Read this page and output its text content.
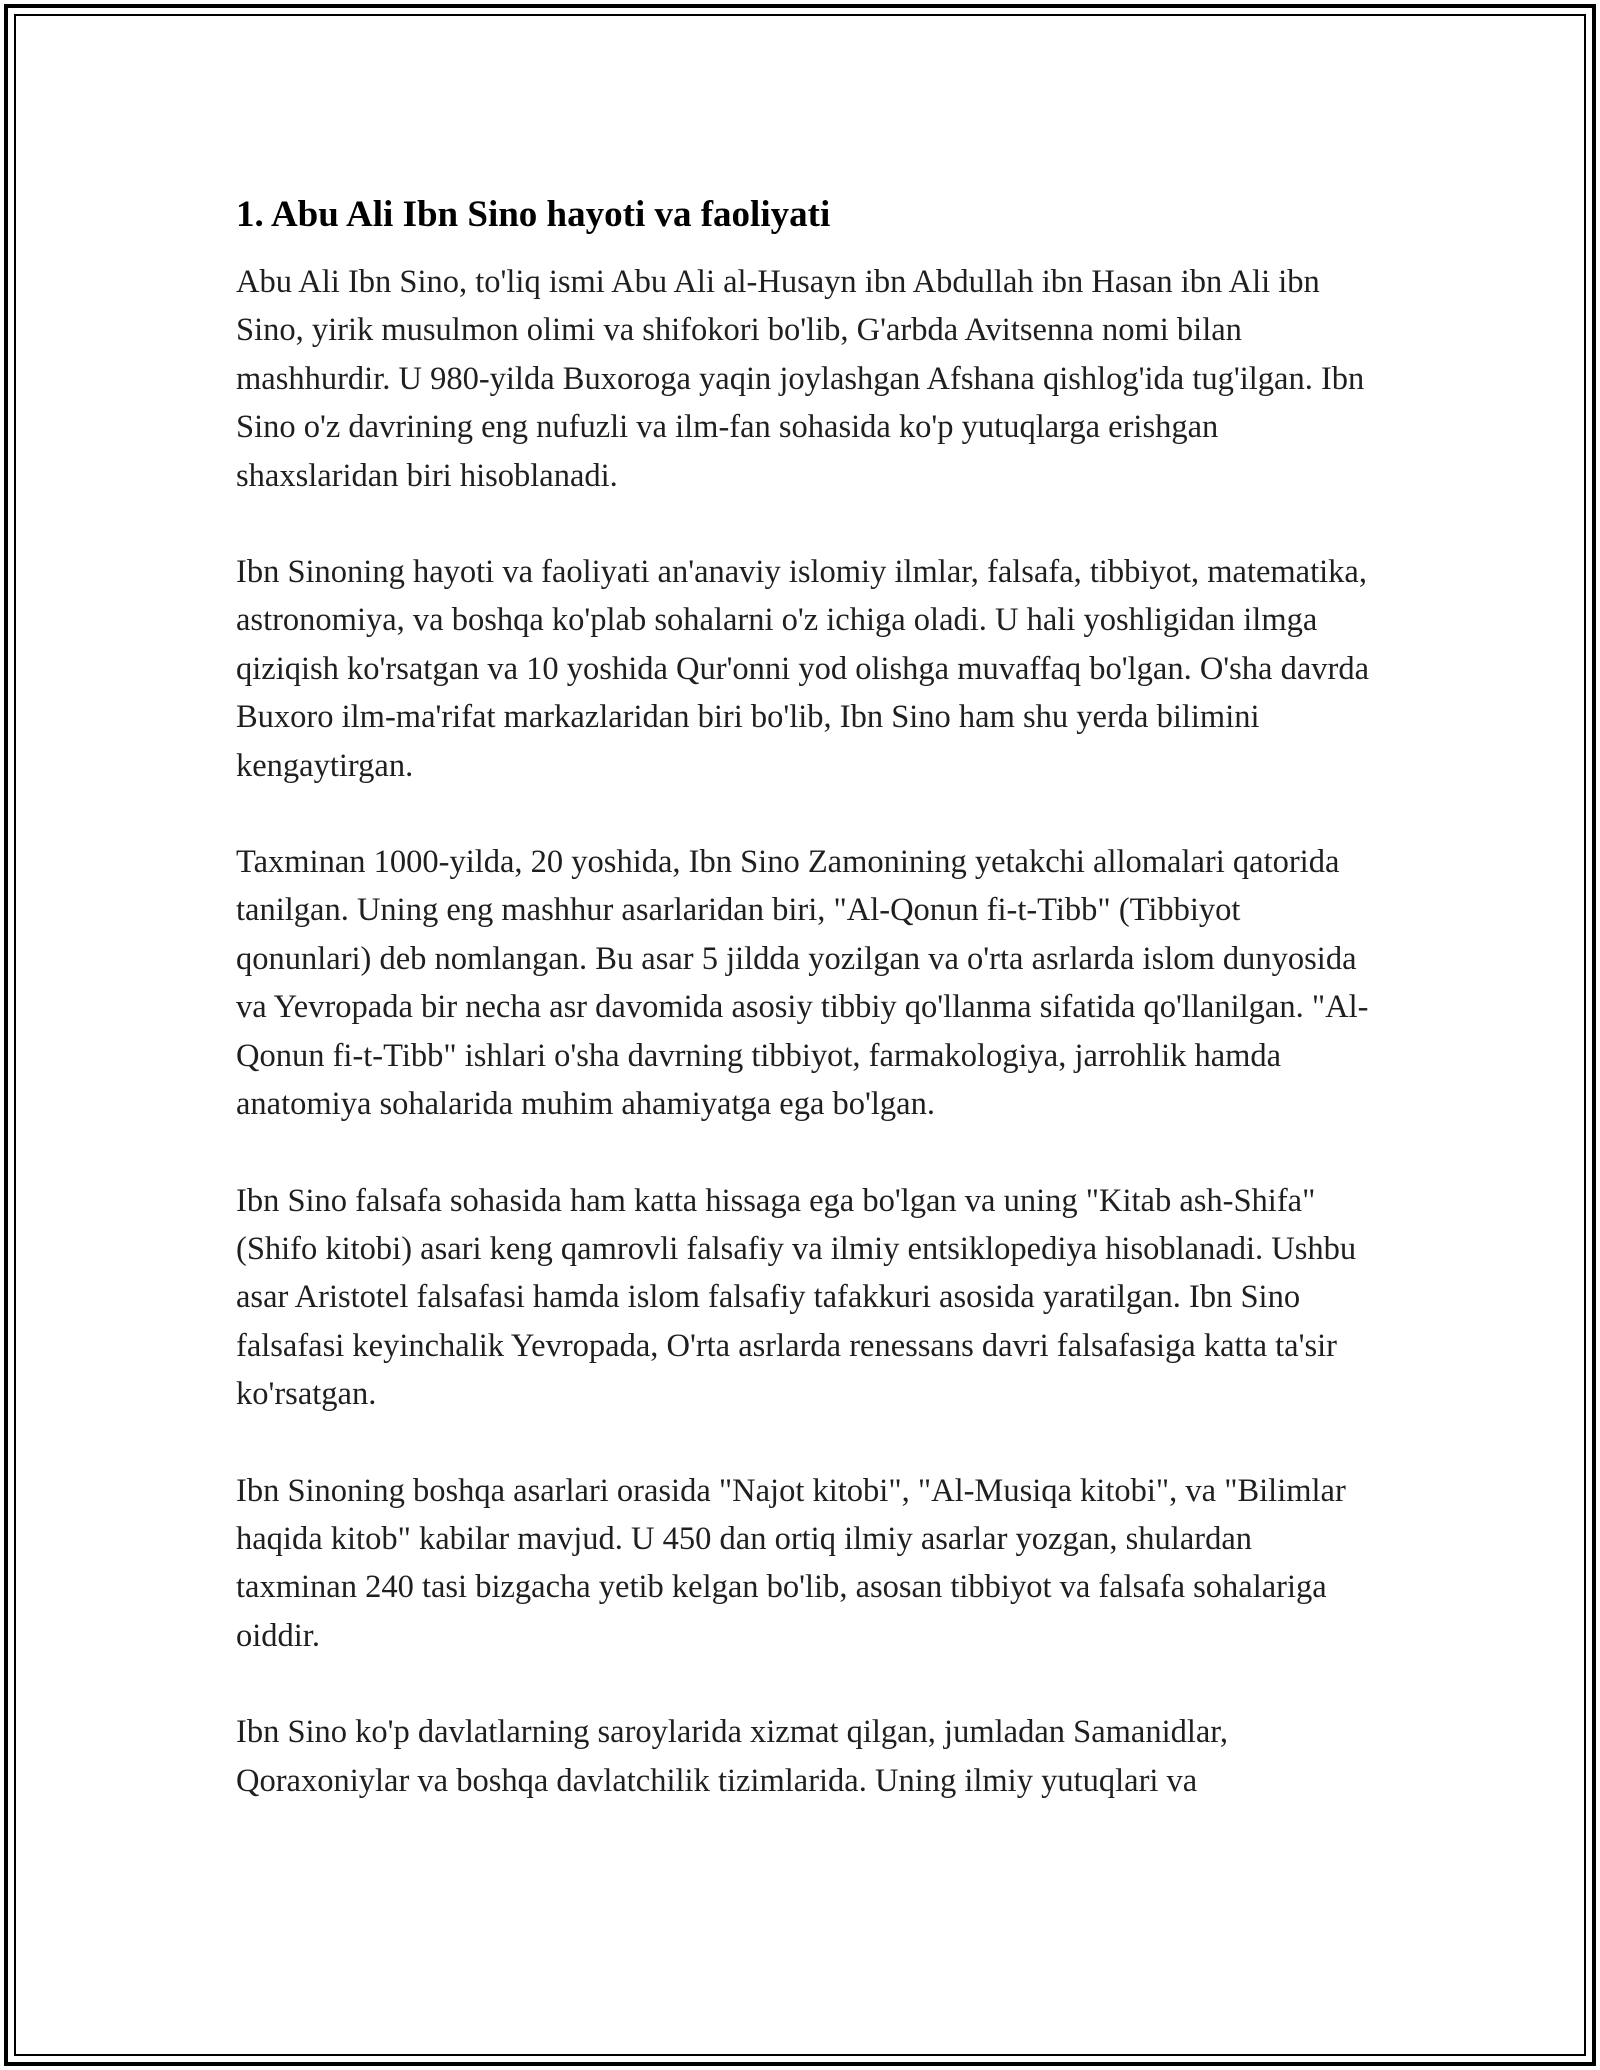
1. Abu Ali Ibn Sino hayoti va faoliyati

Abu Ali Ibn Sino, to'liq ismi Abu Ali al-Husayn ibn Abdullah ibn Hasan ibn Ali ibn Sino, yirik musulmon olimi va shifokori bo'lib, G'arbda Avitsenna nomi bilan mashhurdir. U 980-yilda Buxoroga yaqin joylashgan Afshana qishlog'ida tug'ilgan. Ibn Sino o'z davrining eng nufuzli va ilm-fan sohasida ko'p yutuqlarga erishgan shaxslaridan biri hisoblanadi.

Ibn Sinoning hayoti va faoliyati an'anaviy islomiy ilmlar, falsafa, tibbiyot, matematika, astronomiya, va boshqa ko'plab sohalarni o'z ichiga oladi. U hali yoshligidan ilmga qiziqish ko'rsatgan va 10 yoshida Qur'onni yod olishga muvaffaq bo'lgan. O'sha davrda Buxoro ilm-ma'rifat markazlaridan biri bo'lib, Ibn Sino ham shu yerda bilimini kengaytirgan.

Taxminan 1000-yilda, 20 yoshida, Ibn Sino Zamonining yetakchi allomalari qatorida tanilgan. Uning eng mashhur asarlaridan biri, "Al-Qonun fi-t-Tibb" (Tibbiyot qonunlari) deb nomlangan. Bu asar 5 jildda yozilgan va o'rta asrlarda islom dunyosida va Yevropada bir necha asr davomida asosiy tibbiy qo'llanma sifatida qo'llanilgan. "Al-Qonun fi-t-Tibb" ishlari o'sha davrning tibbiyot, farmakologiya, jarrohlik hamda anatomiya sohalarida muhim ahamiyatga ega bo'lgan.

Ibn Sino falsafa sohasida ham katta hissaga ega bo'lgan va uning "Kitab ash-Shifa" (Shifo kitobi) asari keng qamrovli falsafiy va ilmiy entsiklopediya hisoblanadi. Ushbu asar Aristotel falsafasi hamda islom falsafiy tafakkuri asosida yaratilgan. Ibn Sino falsafasi keyinchalik Yevropada, O'rta asrlarda renessans davri falsafasiga katta ta'sir ko'rsatgan.

Ibn Sinoning boshqa asarlari orasida "Najot kitobi", "Al-Musiqa kitobi", va "Bilimlar haqida kitob" kabilar mavjud. U 450 dan ortiq ilmiy asarlar yozgan, shulardan taxminan 240 tasi bizgacha yetib kelgan bo'lib, asosan tibbiyot va falsafa sohalariga oiddir.

Ibn Sino ko'p davlatlarning saroylarida xizmat qilgan, jumladan Samanidlar, Qoraxoniylar va boshqa davlatchilik tizimlarida. Uning ilmiy yutuqlari va
